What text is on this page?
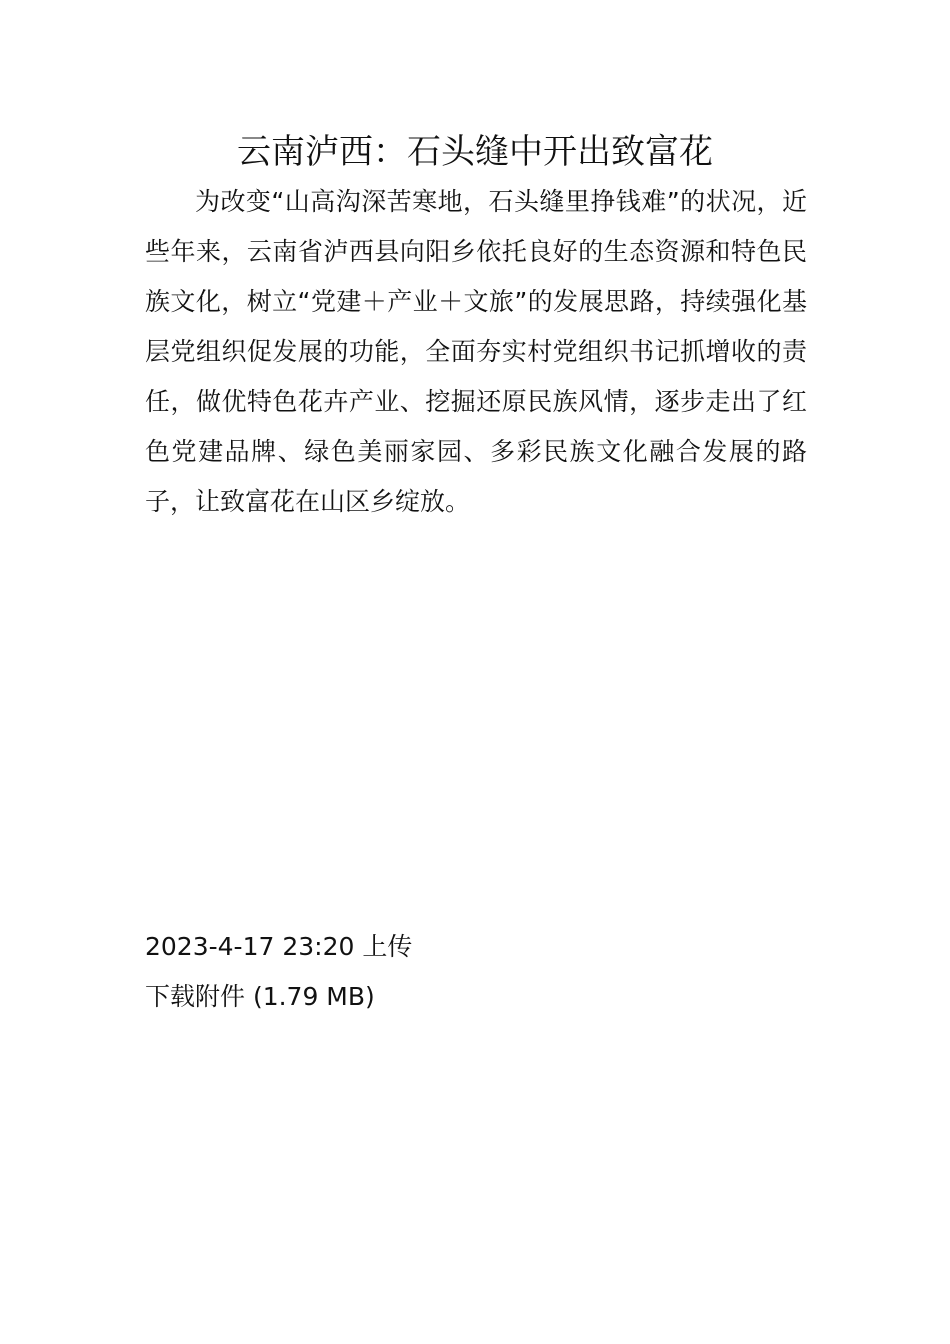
云南泸西：石头缝中开出致富花

为改变“山高沟深苦寒地，石头缝里挣钱难”的状况，近些年来，云南省泸西县向阳乡依托良好的生态资源和特色民族文化，树立“党建＋产业＋文旅”的发展思路，持续强化基层党组织促发展的功能，全面夯实村党组织书记抓增收的责任，做优特色花卉产业、挖掘还原民族风情，逐步走出了红色党建品牌、绿色美丽家园、多彩民族文化融合发展的路子，让致富花在山区乡绽放。

2023-4-17 23:20 上传
下载附件 (1.79 MB)
